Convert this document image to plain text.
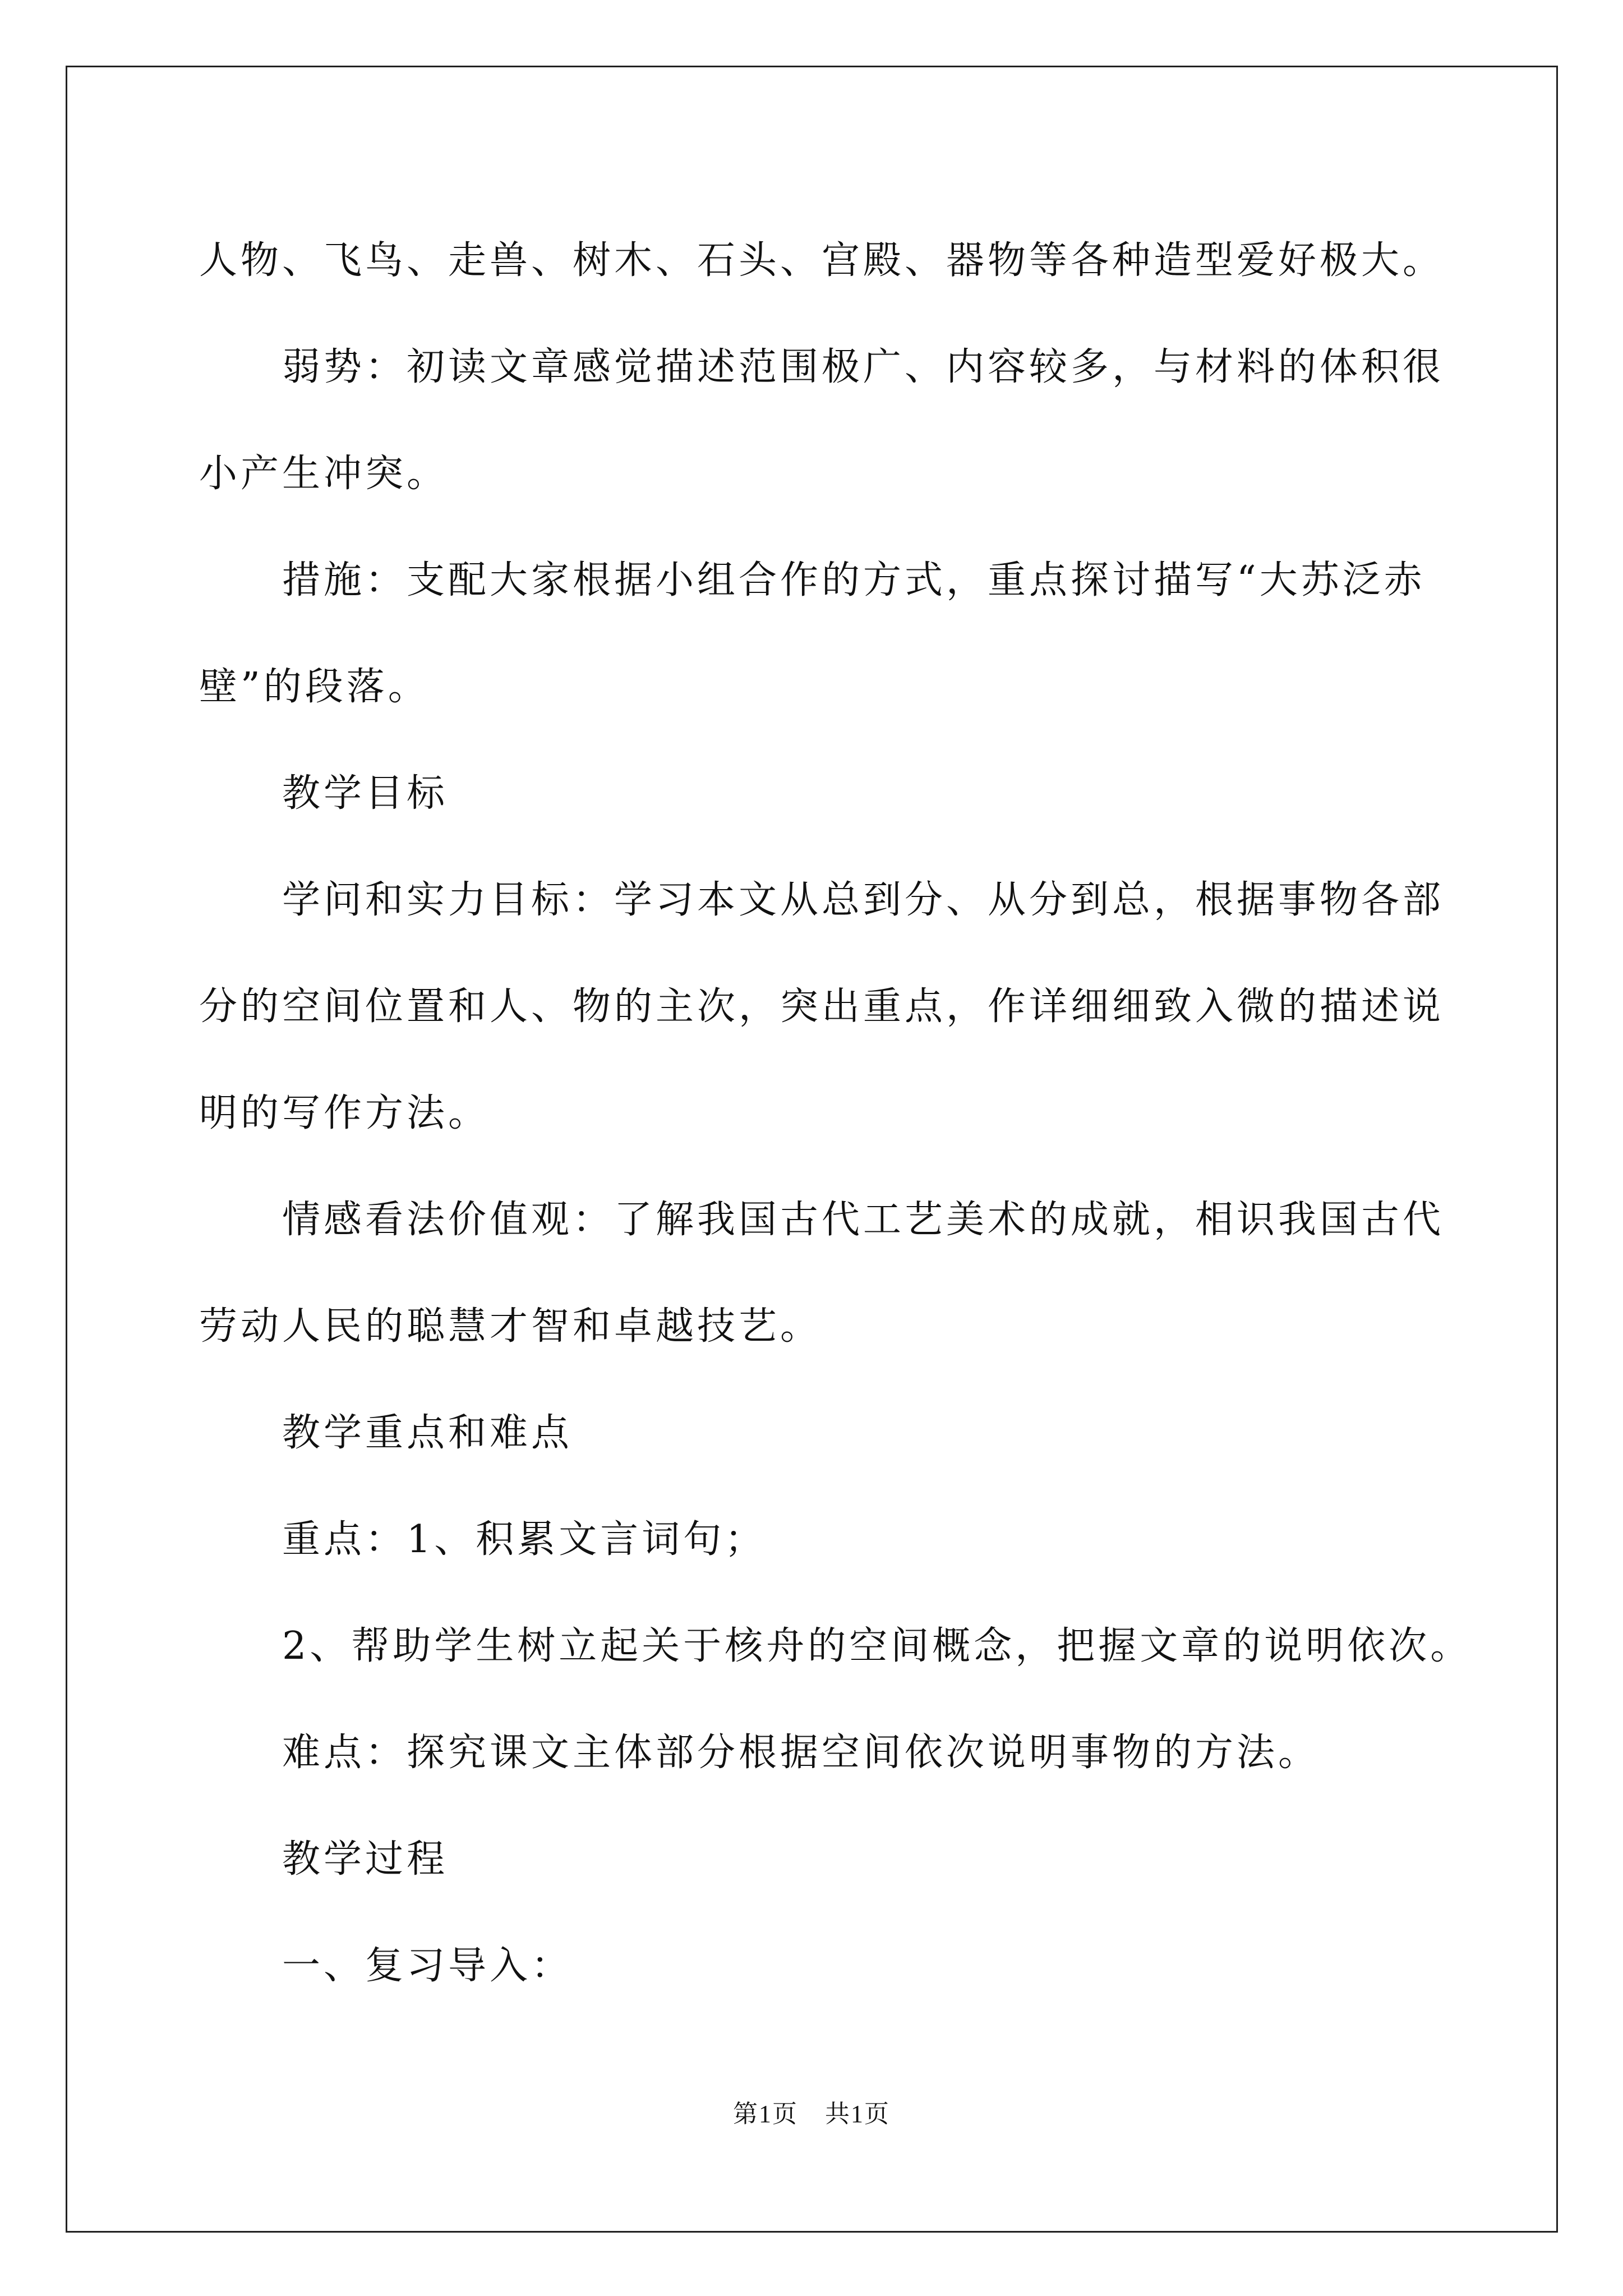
人物、飞鸟、走兽、树木、石头、宫殿、器物等各种造型爱好极大。
弱势：初读文章感觉描述范围极广、内容较多，与材料的体积很
小产生冲突。
措施：支配大家根据小组合作的方式，重点探讨描写“大苏泛赤
壁”的段落。
教学目标
学问和实力目标：学习本文从总到分、从分到总，根据事物各部
分的空间位置和人、物的主次，突出重点，作详细细致入微的描述说
明的写作方法。
情感看法价值观：了解我国古代工艺美术的成就，相识我国古代
劳动人民的聪慧才智和卓越技艺。
教学重点和难点
重点：1、积累文言词句；
2、帮助学生树立起关于核舟的空间概念，把握文章的说明依次。
难点：探究课文主体部分根据空间依次说明事物的方法。
教学过程
一、复习导入：
第1页 共1页
